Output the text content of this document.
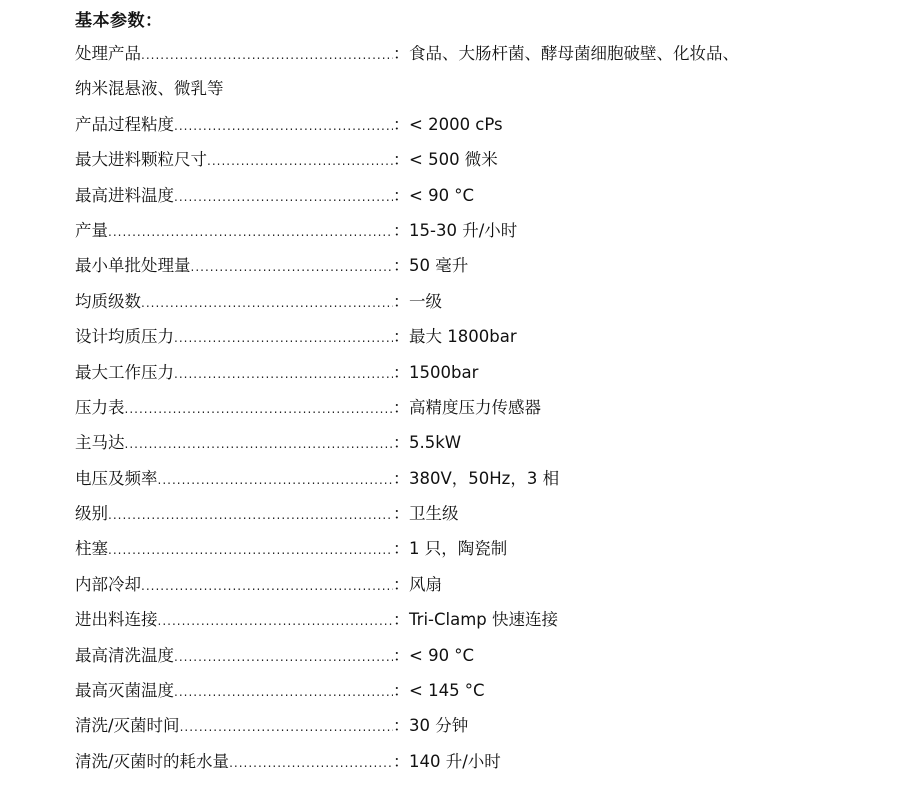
基本参数：
处理产品 .....	： 食品、大肠杆菌、酵母菌细胞破壁、化妆品、
纳米混悬液、微乳等
产品过程粘度 .....	： < 2000 cPs
最大进料颗粒尺寸 .....	： < 500 微米
最高进料温度 .....	： < 90 °C
产量 .....	： 15-30 升/小时
最小单批处理量 .....	： 50 毫升
均质级数 .....	： 一级
设计均质压力 .....	： 最大 1800bar
最大工作压力 .....	： 1500bar
压力表 .....	： 高精度压力传感器
主马达 .....	： 5.5kW
电压及频率 .....	： 380V，50Hz，3 相
级别 .....	： 卫生级
柱塞 .....	： 1 只，陶瓷制
内部冷却 .....	： 风扇
进出料连接 .....	： Tri-Clamp 快速连接
最高清洗温度 .....	： < 90 °C
最高灭菌温度 .....	： < 145 °C
清洗/灭菌时间 .....	： 30 分钟
清洗/灭菌时的耗水量 .....	： 140 升/小时
